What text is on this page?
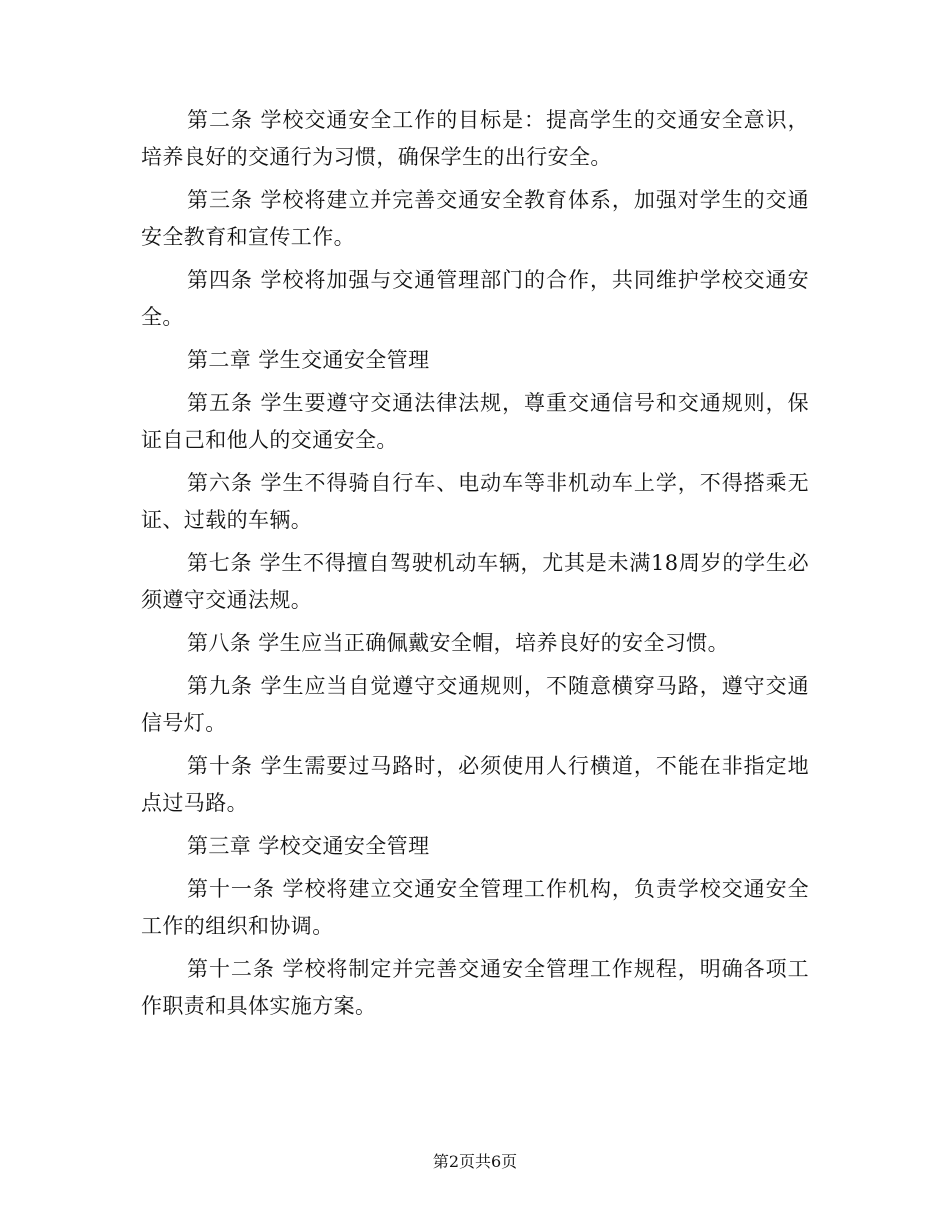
第二条 学校交通安全工作的目标是：提高学生的交通安全意识，培养良好的交通行为习惯，确保学生的出行安全。

第三条 学校将建立并完善交通安全教育体系，加强对学生的交通安全教育和宣传工作。

第四条 学校将加强与交通管理部门的合作，共同维护学校交通安全。

第二章 学生交通安全管理

第五条 学生要遵守交通法律法规，尊重交通信号和交通规则，保证自己和他人的交通安全。

第六条 学生不得骑自行车、电动车等非机动车上学，不得搭乘无证、过载的车辆。

第七条 学生不得擅自驾驶机动车辆，尤其是未满18周岁的学生必须遵守交通法规。

第八条 学生应当正确佩戴安全帽，培养良好的安全习惯。

第九条 学生应当自觉遵守交通规则，不随意横穿马路，遵守交通信号灯。

第十条 学生需要过马路时，必须使用人行横道，不能在非指定地点过马路。

第三章 学校交通安全管理

第十一条 学校将建立交通安全管理工作机构，负责学校交通安全工作的组织和协调。

第十二条 学校将制定并完善交通安全管理工作规程，明确各项工作职责和具体实施方案。

第2页共6页
